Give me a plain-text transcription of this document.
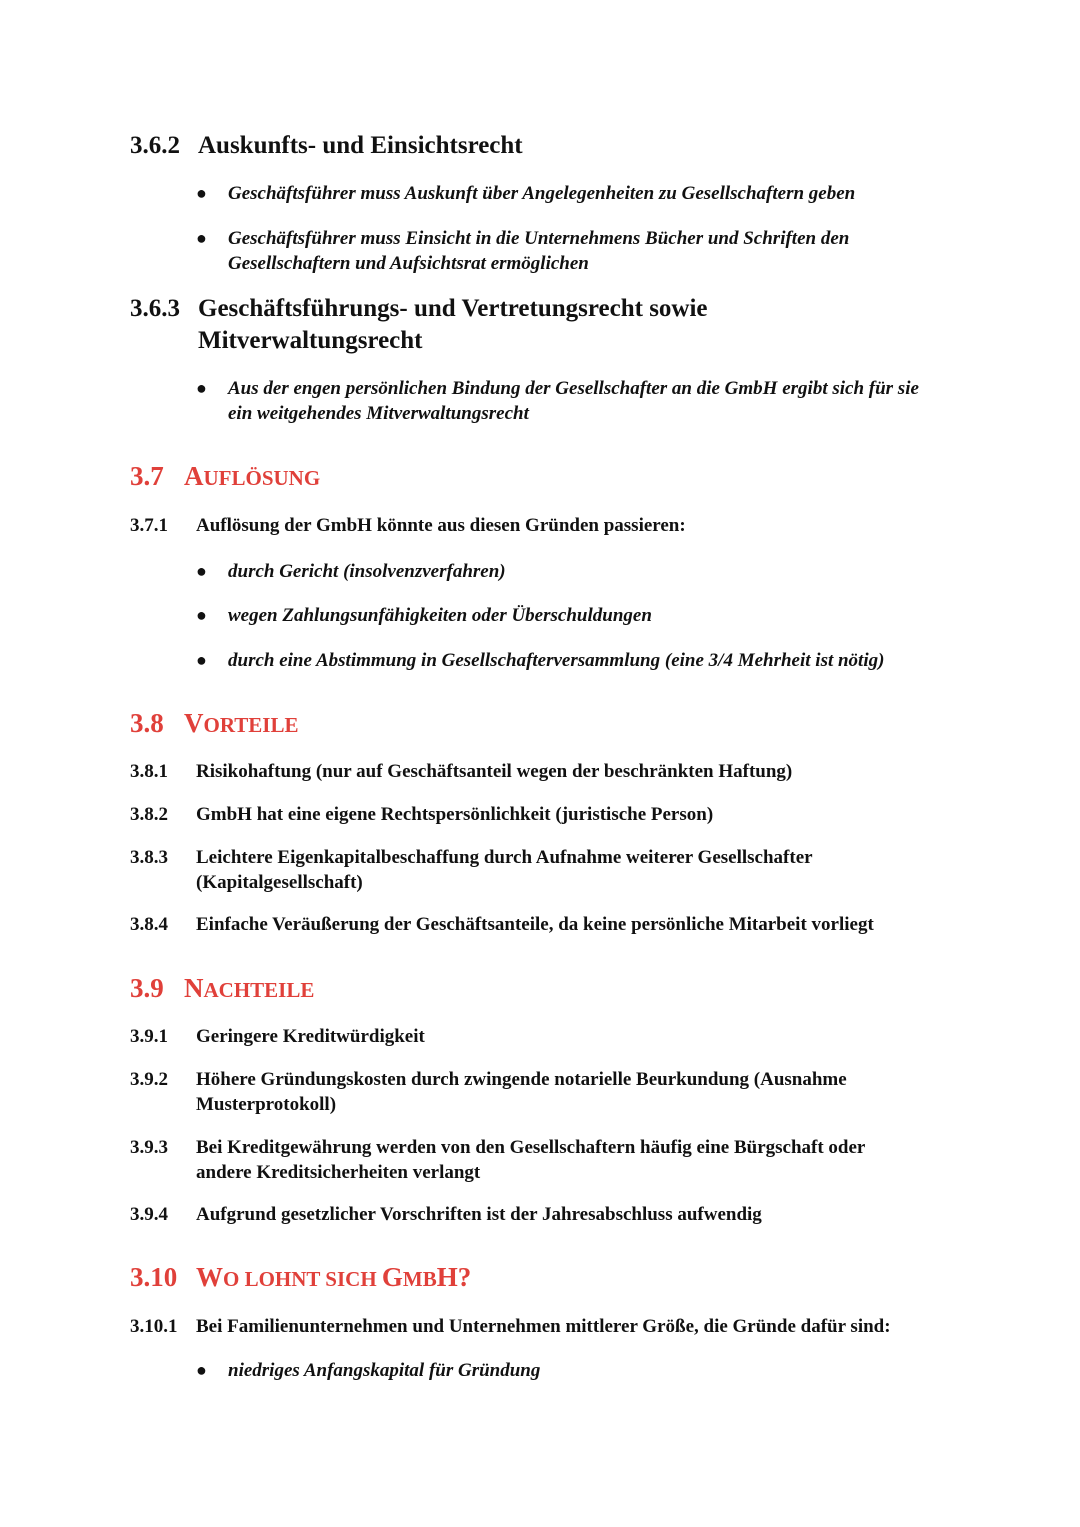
3.6.2 Auskunfts- und Einsichtsrecht
●	Geschäftsführer muss Auskunft über Angelegenheiten zu Gesellschaftern geben
●	Geschäftsführer muss Einsicht in die Unternehmens Bücher und Schriften den Gesellschaftern und Aufsichtsrat ermöglichen
3.6.3 Geschäftsführungs- und Vertretungsrecht sowie
Mitverwaltungsrecht
●	Aus der engen persönlichen Bindung der Gesellschafter an die GmbH ergibt sich für sie ein weitgehendes Mitverwaltungsrecht
3.7 AUFLÖSUNG
3.7.1	Auflösung der GmbH könnte aus diesen Gründen passieren:
●	durch Gericht (insolvenzverfahren)
●	wegen Zahlungsunfähigkeiten oder Überschuldungen
●	durch eine Abstimmung in Gesellschafterversammlung (eine 3/4 Mehrheit ist nötig)
3.8 VORTEILE
3.8.1	Risikohaftung (nur auf Geschäftsanteil wegen der beschränkten Haftung)
3.8.2	GmbH hat eine eigene Rechtspersönlichkeit (juristische Person)
3.8.3	Leichtere Eigenkapitalbeschaffung durch Aufnahme weiterer Gesellschafter (Kapitalgesellschaft)
3.8.4	Einfache Veräußerung der Geschäftsanteile, da keine persönliche Mitarbeit vorliegt
3.9 NACHTEILE
3.9.1	Geringere Kreditwürdigkeit
3.9.2	Höhere Gründungskosten durch zwingende notarielle Beurkundung (Ausnahme Musterprotokoll)
3.9.3	Bei Kreditgewährung werden von den Gesellschaftern häufig eine Bürgschaft oder andere Kreditsicherheiten verlangt
3.9.4	Aufgrund gesetzlicher Vorschriften ist der Jahresabschluss aufwendig
3.10 WO LOHNT SICH GMBH?
3.10.1 Bei Familienunternehmen und Unternehmen mittlerer Größe, die Gründe dafür sind:
●	niedriges Anfangskapital für Gründung
